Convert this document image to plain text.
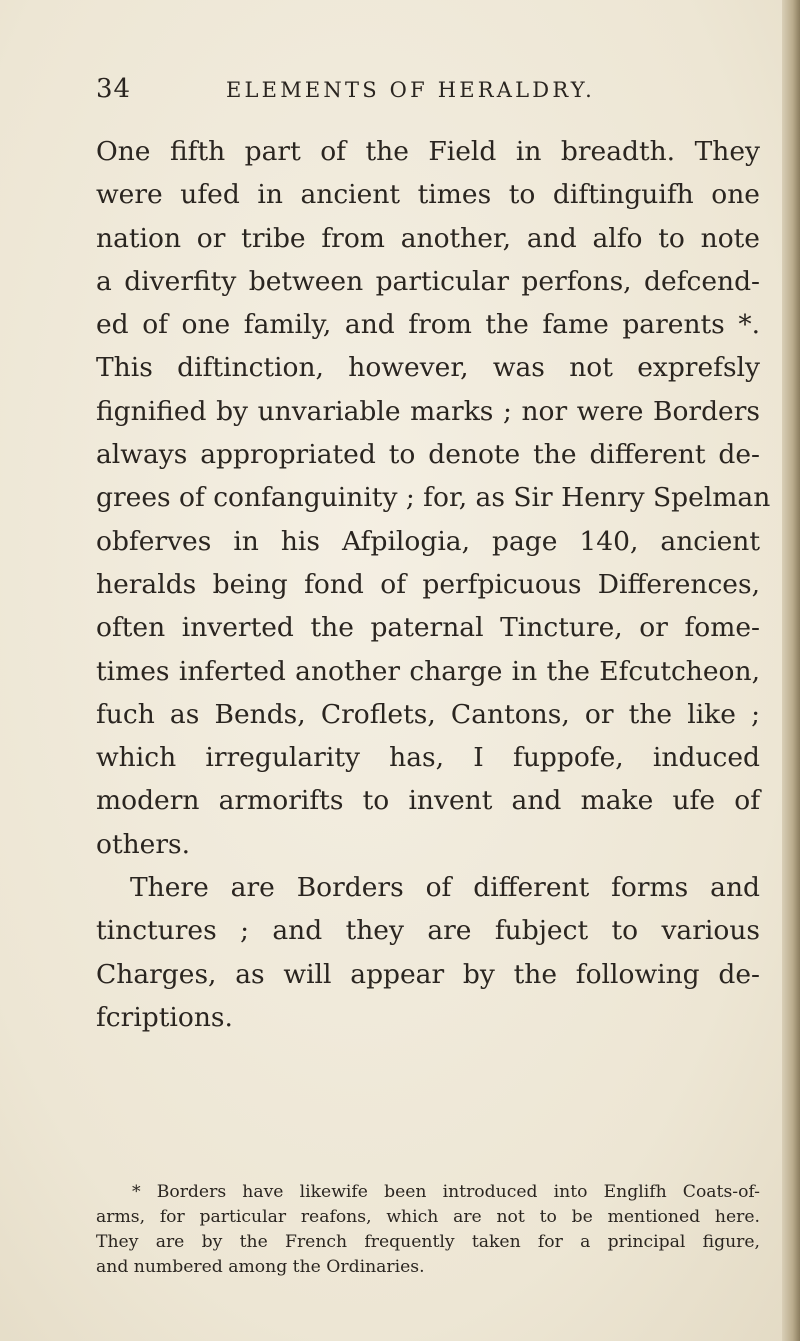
34	ELEMENTS OF HERALDRY.
One fifth part of the Field in breadth. They
were ufed in ancient times to diftinguifh one
nation or tribe from another, and alfo to note
a diverfity between particular perfons, defcend-
ed of one family, and from the fame parents *.
This diftinction, however, was not exprefsly
fignified by unvariable marks ; nor were Borders
always appropriated to denote the different de-
grees of confanguinity ; for, as Sir Henry Spelman
obferves in his Afpilogia, page 140, ancient
heralds being fond of perfpicuous Differences,
often inverted the paternal Tincture, or fome-
times inferted another charge in the Efcutcheon,
fuch as Bends, Croflets, Cantons, or the like ;
which irregularity has, I fuppofe, induced
modern armorifts to invent and make ufe of
others.
There are Borders of different forms and
tinctures ; and they are fubject to various
Charges, as will appear by the following de-
fcriptions.
* Borders have likewife been introduced into Englifh Coats-of-
arms, for particular reafons, which are not to be mentioned here.
They are by the French frequently taken for a principal figure,
and numbered among the Ordinaries.
